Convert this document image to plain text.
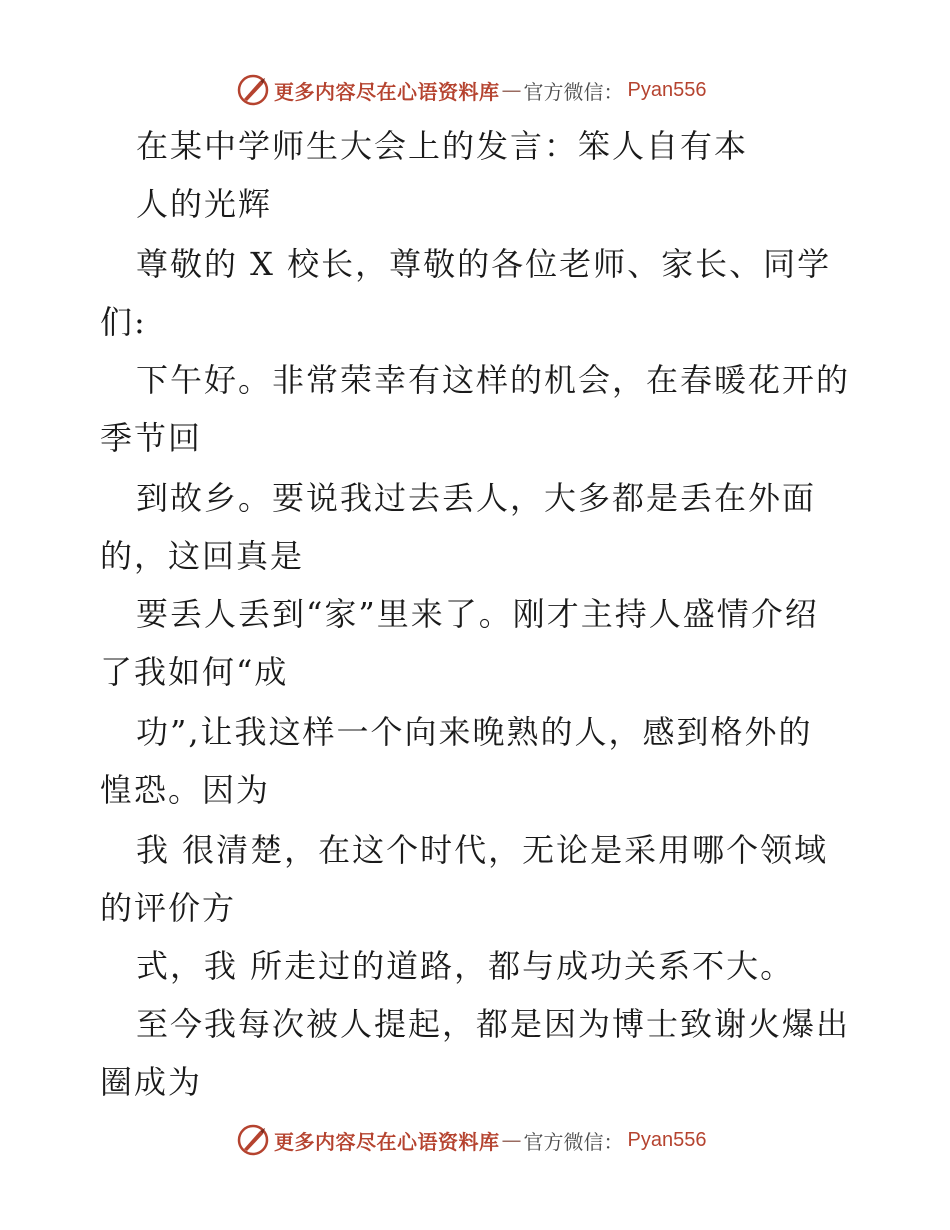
更多内容尽在心语资料库 — 官方微信： Pyan556
在某中学师生大会上的发言：笨人自有本
人的光辉
尊敬的 X 校长，尊敬的各位老师、家长、同学
们:
下午好。非常荣幸有这样的机会，在春暖花开的
季节回
到故乡。要说我过去丢人，大多都是丢在外面
的，这回真是
要丢人丢到“家”里来了。刚才主持人盛情介绍
了我如何“成
功”,让我这样一个向来晚熟的人，感到格外的
惶恐。因为
我 很清楚，在这个时代，无论是采用哪个领域
的评价方
式，我 所走过的道路，都与成功关系不大。
至今我每次被人提起，都是因为博士致谢火爆出
圈成为
更多内容尽在心语资料库 — 官方微信： Pyan556
